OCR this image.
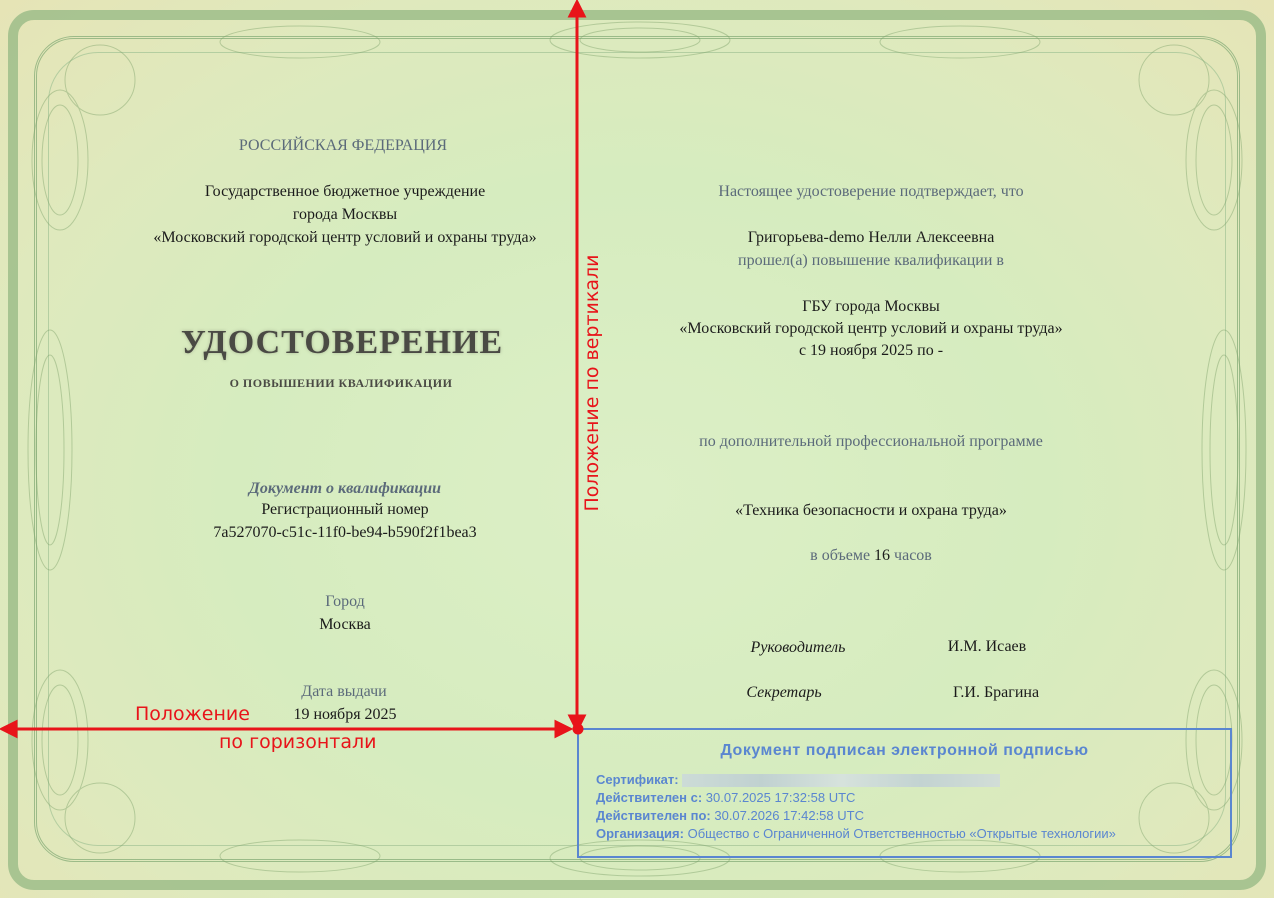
РОССИЙСКАЯ ФЕДЕРАЦИЯ
Государственное бюджетное учреждение
города Москвы
«Московский городской центр условий и охраны труда»
УДОСТОВЕРЕНИЕ
О ПОВЫШЕНИИ КВАЛИФИКАЦИИ
Документ о квалификации
Регистрационный номер
7a527070-c51c-11f0-be94-b590f2f1bea3
Город
Москва
Дата выдачи
19 ноября 2025
Настоящее удостоверение подтверждает, что
Григорьева-demo Нелли Алексеевна
прошел(а) повышение квалификации в
ГБУ города Москвы
«Московский городской центр условий и охраны труда»
с 19 ноября 2025 по -
по дополнительной профессиональной программе
«Техника безопасности и охрана труда»
в объеме 16 часов
Руководитель	И.М. Исаев
Секретарь	Г.И. Брагина
Документ подписан электронной подписью
Сертификат:
Действителен с: 30.07.2025 17:32:58 UTC
Действителен по: 30.07.2026 17:42:58 UTC
Организация: Общество с Ограниченной Ответственностью «Открытые технологии»
Положение
по горизонтали
Положение по вертикали
